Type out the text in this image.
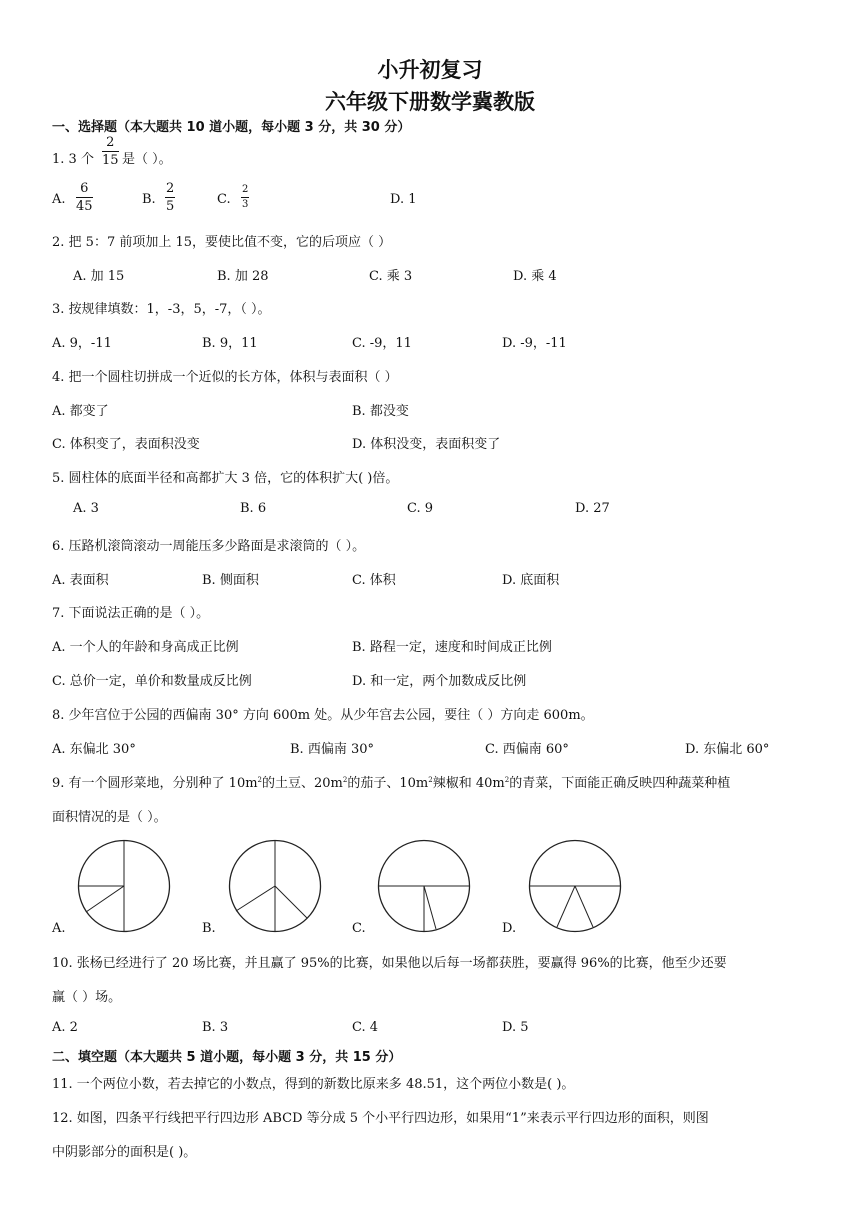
小升初复习
六年级下册数学冀教版
一、选择题（本大题共 10 道小题，每小题 3 分，共 30 分）
1. 3 个 $\frac{2}{15}$ 是（ ）。
A. $\frac{6}{45}$	B. $\frac{2}{5}$	C. $\frac{2}{3}$	D. 1
2. 把 5：7 前项加上 15，要使比值不变，它的后项应（ ）
A. 加 15	B. 加 28	C. 乘 3	D. 乘 4
3. 按规律填数：1，-3，5，-7，（ ）。
A. 9，-11	B. 9，11	C. -9，11	D. -9，-11
4. 把一个圆柱切拼成一个近似的长方体，体积与表面积（ ）
A. 都变了	B. 都没变
C. 体积变了，表面积没变	D. 体积没变，表面积变了
5. 圆柱体的底面半径和高都扩大 3 倍，它的体积扩大( )倍。
A. 3	B. 6	C. 9	D. 27
6. 压路机滚筒滚动一周能压多少路面是求滚筒的（ ）。
A. 表面积	B. 侧面积	C. 体积	D. 底面积
7. 下面说法正确的是（ ）。
A. 一个人的年龄和身高成正比例	B. 路程一定，速度和时间成正比例
C. 总价一定，单价和数量成反比例	D. 和一定，两个加数成反比例
8. 少年宫位于公园的西偏南 30° 方向 600m 处。从少年宫去公园，要往（ ）方向走 600m。
A. 东偏北 30°	B. 西偏南 30°	C. 西偏南 60°	D. 东偏北 60°
9. 有一个圆形菜地，分别种了 $10m^2$的土豆、$20m^2$的茄子、$10m^2$辣椒和 $40m^2$的青菜，下面能正确反映四种蔬菜种植
面积情况的是（ ）。
A.	B.	C.	D.
10. 张杨已经进行了 20 场比赛，并且赢了 95%的比赛，如果他以后每一场都获胜，要赢得 96%的比赛，他至少还要
赢（ ）场。
A. 2	B. 3	C. 4	D. 5
二、填空题（本大题共 5 道小题，每小题 3 分，共 15 分）
11. 一个两位小数，若去掉它的小数点，得到的新数比原来多 48.51，这个两位小数是( )。
12. 如图，四条平行线把平行四边形 ABCD 等分成 5 个小平行四边形，如果用“1”来表示平行四边形的面积，则图
中阴影部分的面积是( )。
